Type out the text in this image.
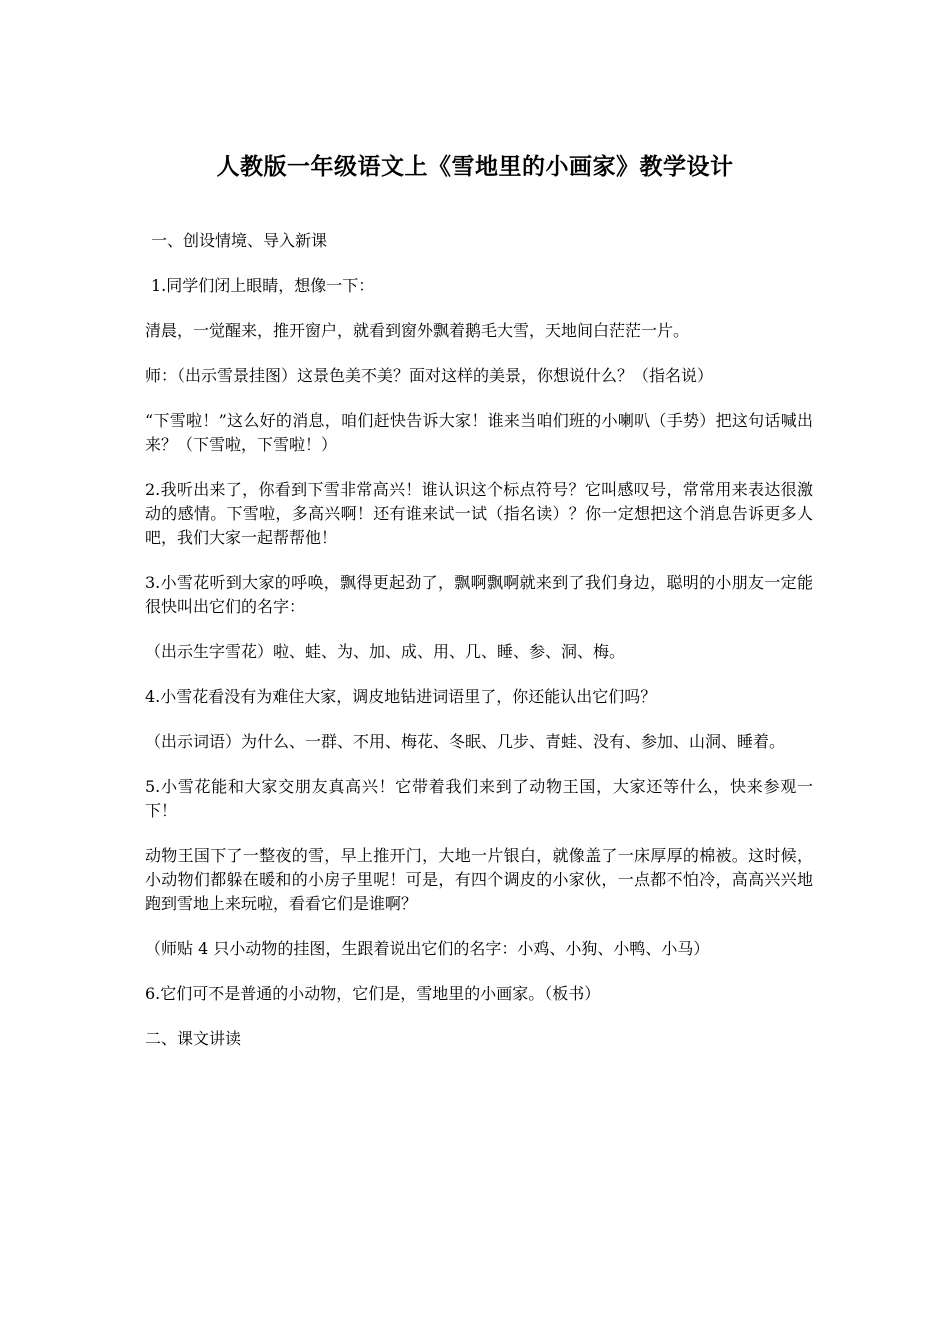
人教版一年级语文上《雪地里的小画家》教学设计

一、创设情境、导入新课

1.同学们闭上眼睛，想像一下：

清晨，一觉醒来，推开窗户，就看到窗外飘着鹅毛大雪，天地间白茫茫一片。

师：（出示雪景挂图）这景色美不美？面对这样的美景，你想说什么？（指名说）

“下雪啦！”这么好的消息，咱们赶快告诉大家！谁来当咱们班的小喇叭（手势）把这句话喊出来？（下雪啦，下雪啦！）

2.我听出来了，你看到下雪非常高兴！谁认识这个标点符号？它叫感叹号，常常用来表达很激动的感情。下雪啦，多高兴啊！还有谁来试一试（指名读）？你一定想把这个消息告诉更多人吧，我们大家一起帮帮他！

3.小雪花听到大家的呼唤，飘得更起劲了，飘啊飘啊就来到了我们身边，聪明的小朋友一定能很快叫出它们的名字：

（出示生字雪花）啦、蛙、为、加、成、用、几、睡、参、洞、梅。

4.小雪花看没有为难住大家，调皮地钻进词语里了，你还能认出它们吗？

（出示词语）为什么、一群、不用、梅花、冬眠、几步、青蛙、没有、参加、山洞、睡着。

5.小雪花能和大家交朋友真高兴！它带着我们来到了动物王国，大家还等什么，快来参观一下！

动物王国下了一整夜的雪，早上推开门，大地一片银白，就像盖了一床厚厚的棉被。这时候，小动物们都躲在暖和的小房子里呢！可是，有四个调皮的小家伙，一点都不怕冷，高高兴兴地跑到雪地上来玩啦，看看它们是谁啊？

（师贴 4 只小动物的挂图，生跟着说出它们的名字：小鸡、小狗、小鸭、小马）

6.它们可不是普通的小动物，它们是，雪地里的小画家。（板书）

二、课文讲读
